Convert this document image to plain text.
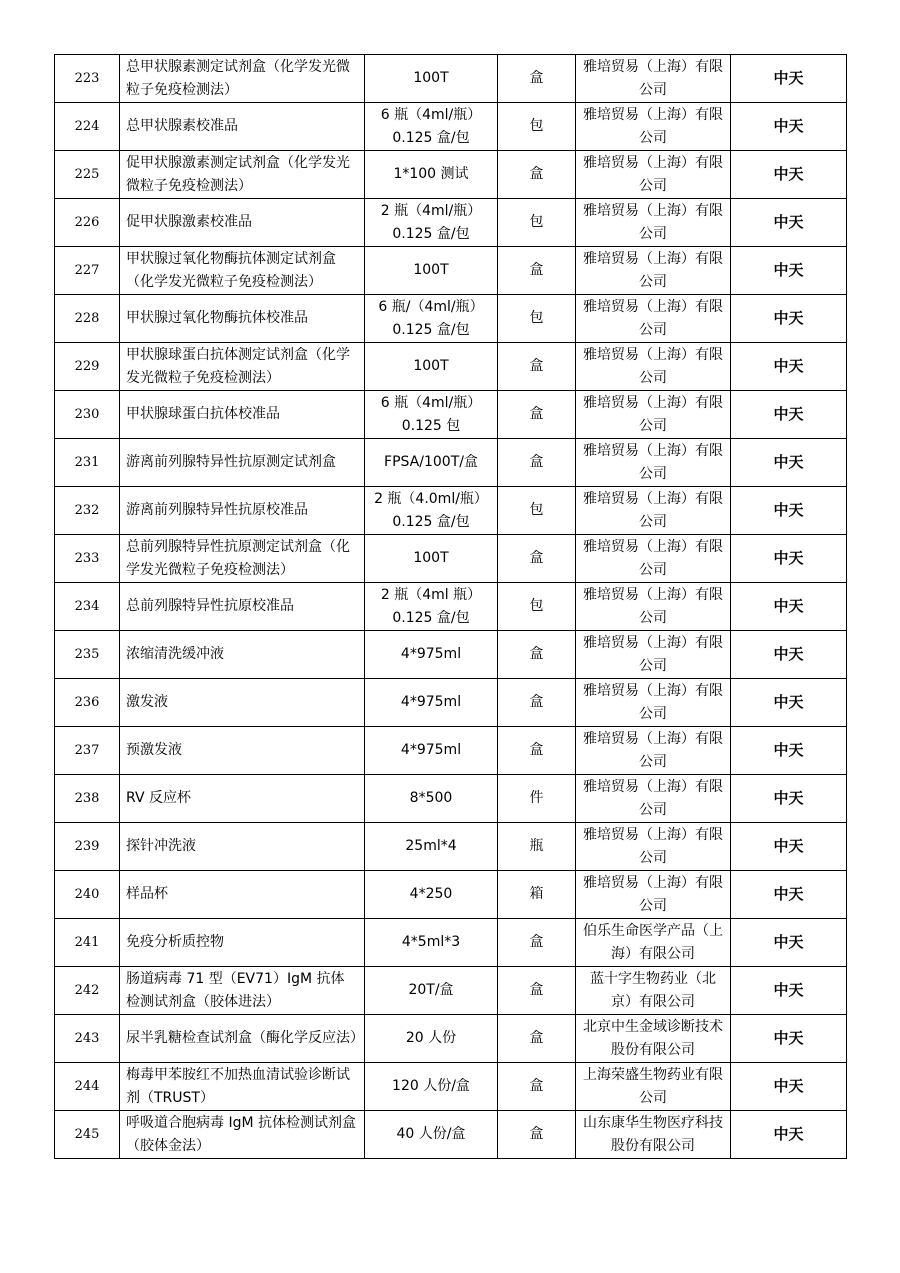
223	总甲状腺素测定试剂盒（化学发光微粒子免疫检测法）	100T	盒	雅培贸易（上海）有限公司	中天
224	总甲状腺素校准品	6 瓶（4ml/瓶）0.125 盒/包	包	雅培贸易（上海）有限公司	中天
225	促甲状腺激素测定试剂盒（化学发光微粒子免疫检测法）	1*100 测试	盒	雅培贸易（上海）有限公司	中天
226	促甲状腺激素校准品	2 瓶（4ml/瓶）0.125 盒/包	包	雅培贸易（上海）有限公司	中天
227	甲状腺过氧化物酶抗体测定试剂盒（化学发光微粒子免疫检测法）	100T	盒	雅培贸易（上海）有限公司	中天
228	甲状腺过氧化物酶抗体校准品	6 瓶/（4ml/瓶）0.125 盒/包	包	雅培贸易（上海）有限公司	中天
229	甲状腺球蛋白抗体测定试剂盒（化学发光微粒子免疫检测法）	100T	盒	雅培贸易（上海）有限公司	中天
230	甲状腺球蛋白抗体校准品	6 瓶（4ml/瓶）0.125 包	盒	雅培贸易（上海）有限公司	中天
231	游离前列腺特异性抗原测定试剂盒	FPSA/100T/盒	盒	雅培贸易（上海）有限公司	中天
232	游离前列腺特异性抗原校准品	2 瓶（4.0ml/瓶）0.125 盒/包	包	雅培贸易（上海）有限公司	中天
233	总前列腺特异性抗原测定试剂盒（化学发光微粒子免疫检测法）	100T	盒	雅培贸易（上海）有限公司	中天
234	总前列腺特异性抗原校准品	2 瓶（4ml 瓶）0.125 盒/包	包	雅培贸易（上海）有限公司	中天
235	浓缩清洗缓冲液	4*975ml	盒	雅培贸易（上海）有限公司	中天
236	激发液	4*975ml	盒	雅培贸易（上海）有限公司	中天
237	预激发液	4*975ml	盒	雅培贸易（上海）有限公司	中天
238	RV 反应杯	8*500	件	雅培贸易（上海）有限公司	中天
239	探针冲洗液	25ml*4	瓶	雅培贸易（上海）有限公司	中天
240	样品杯	4*250	箱	雅培贸易（上海）有限公司	中天
241	免疫分析质控物	4*5ml*3	盒	伯乐生命医学产品（上海）有限公司	中天
242	肠道病毒 71 型（EV71）IgM 抗体检测试剂盒（胶体进法）	20T/盒	盒	蓝十字生物药业（北京）有限公司	中天
243	尿半乳糖检查试剂盒（酶化学反应法）	20 人份	盒	北京中生金域诊断技术股份有限公司	中天
244	梅毒甲苯胺红不加热血清试验诊断试剂（TRUST）	120 人份/盒	盒	上海荣盛生物药业有限公司	中天
245	呼吸道合胞病毒 IgM 抗体检测试剂盒（胶体金法）	40 人份/盒	盒	山东康华生物医疗科技股份有限公司	中天
